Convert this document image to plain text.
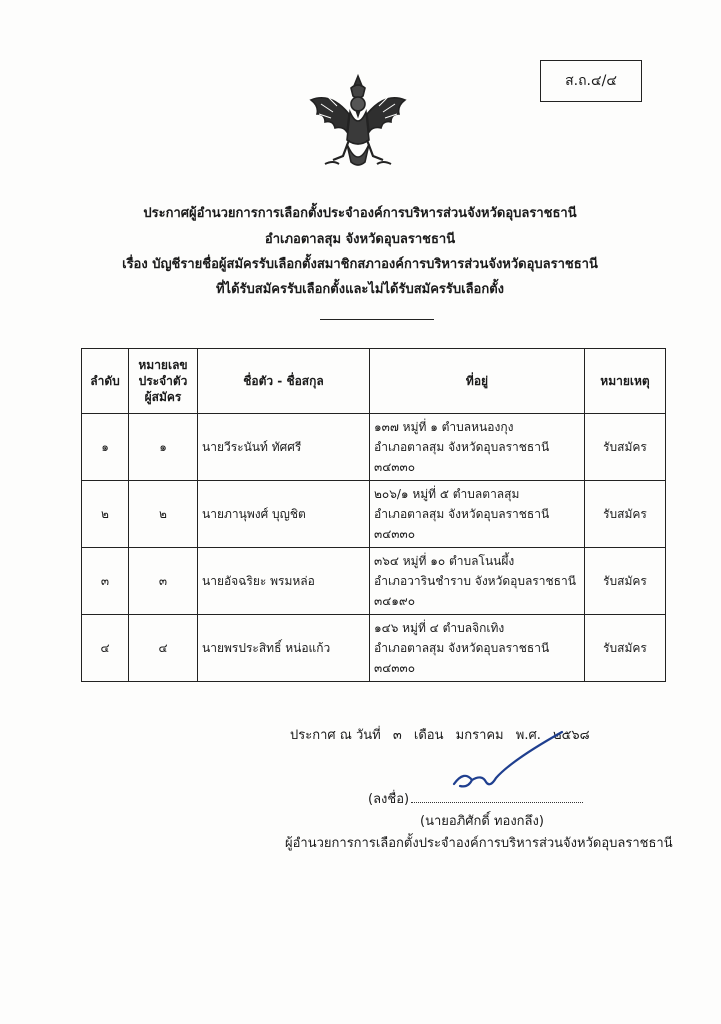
ส.ถ.๔/๔
ประกาศผู้อำนวยการการเลือกตั้งประจำองค์การบริหารส่วนจังหวัดอุบลราชธานี
อำเภอตาลสุม จังหวัดอุบลราชธานี
เรื่อง บัญชีรายชื่อผู้สมัครรับเลือกตั้งสมาชิกสภาองค์การบริหารส่วนจังหวัดอุบลราชธานี
ที่ได้รับสมัครรับเลือกตั้งและไม่ได้รับสมัครรับเลือกตั้ง
ลำดับ	หมายเลข
ประจำตัว
ผู้สมัคร	ชื่อตัว - ชื่อสกุล	ที่อยู่	หมายเหตุ
๑	๑	นายวีระนันท์ ทัศศรี	๑๓๗ หมู่ที่ ๑ ตำบลหนองกุง
อำเภอตาลสุม จังหวัดอุบลราชธานี
๓๔๓๓๐	รับสมัคร
๒	๒	นายภานุพงศ์ บุญชิต	๒๐๖/๑ หมู่ที่ ๕ ตำบลตาลสุม
อำเภอตาลสุม จังหวัดอุบลราชธานี
๓๔๓๓๐	รับสมัคร
๓	๓	นายอัจฉริยะ พรมหล่อ	๓๖๔ หมู่ที่ ๑๐ ตำบลโนนผึ้ง
อำเภอวารินชำราบ จังหวัดอุบลราชธานี
๓๔๑๙๐	รับสมัคร
๔	๔	นายพรประสิทธิ์ หน่อแก้ว	๑๔๖ หมู่ที่ ๔ ตำบลจิกเทิง
อำเภอตาลสุม จังหวัดอุบลราชธานี
๓๔๓๓๐	รับสมัคร
ประกาศ ณ วันที่ ๓ เดือน มกราคม พ.ศ. ๒๕๖๘
(ลงชื่อ)
(นายอภิศักดิ์ ทองกลึง)
ผู้อำนวยการการเลือกตั้งประจำองค์การบริหารส่วนจังหวัดอุบลราชธานี
